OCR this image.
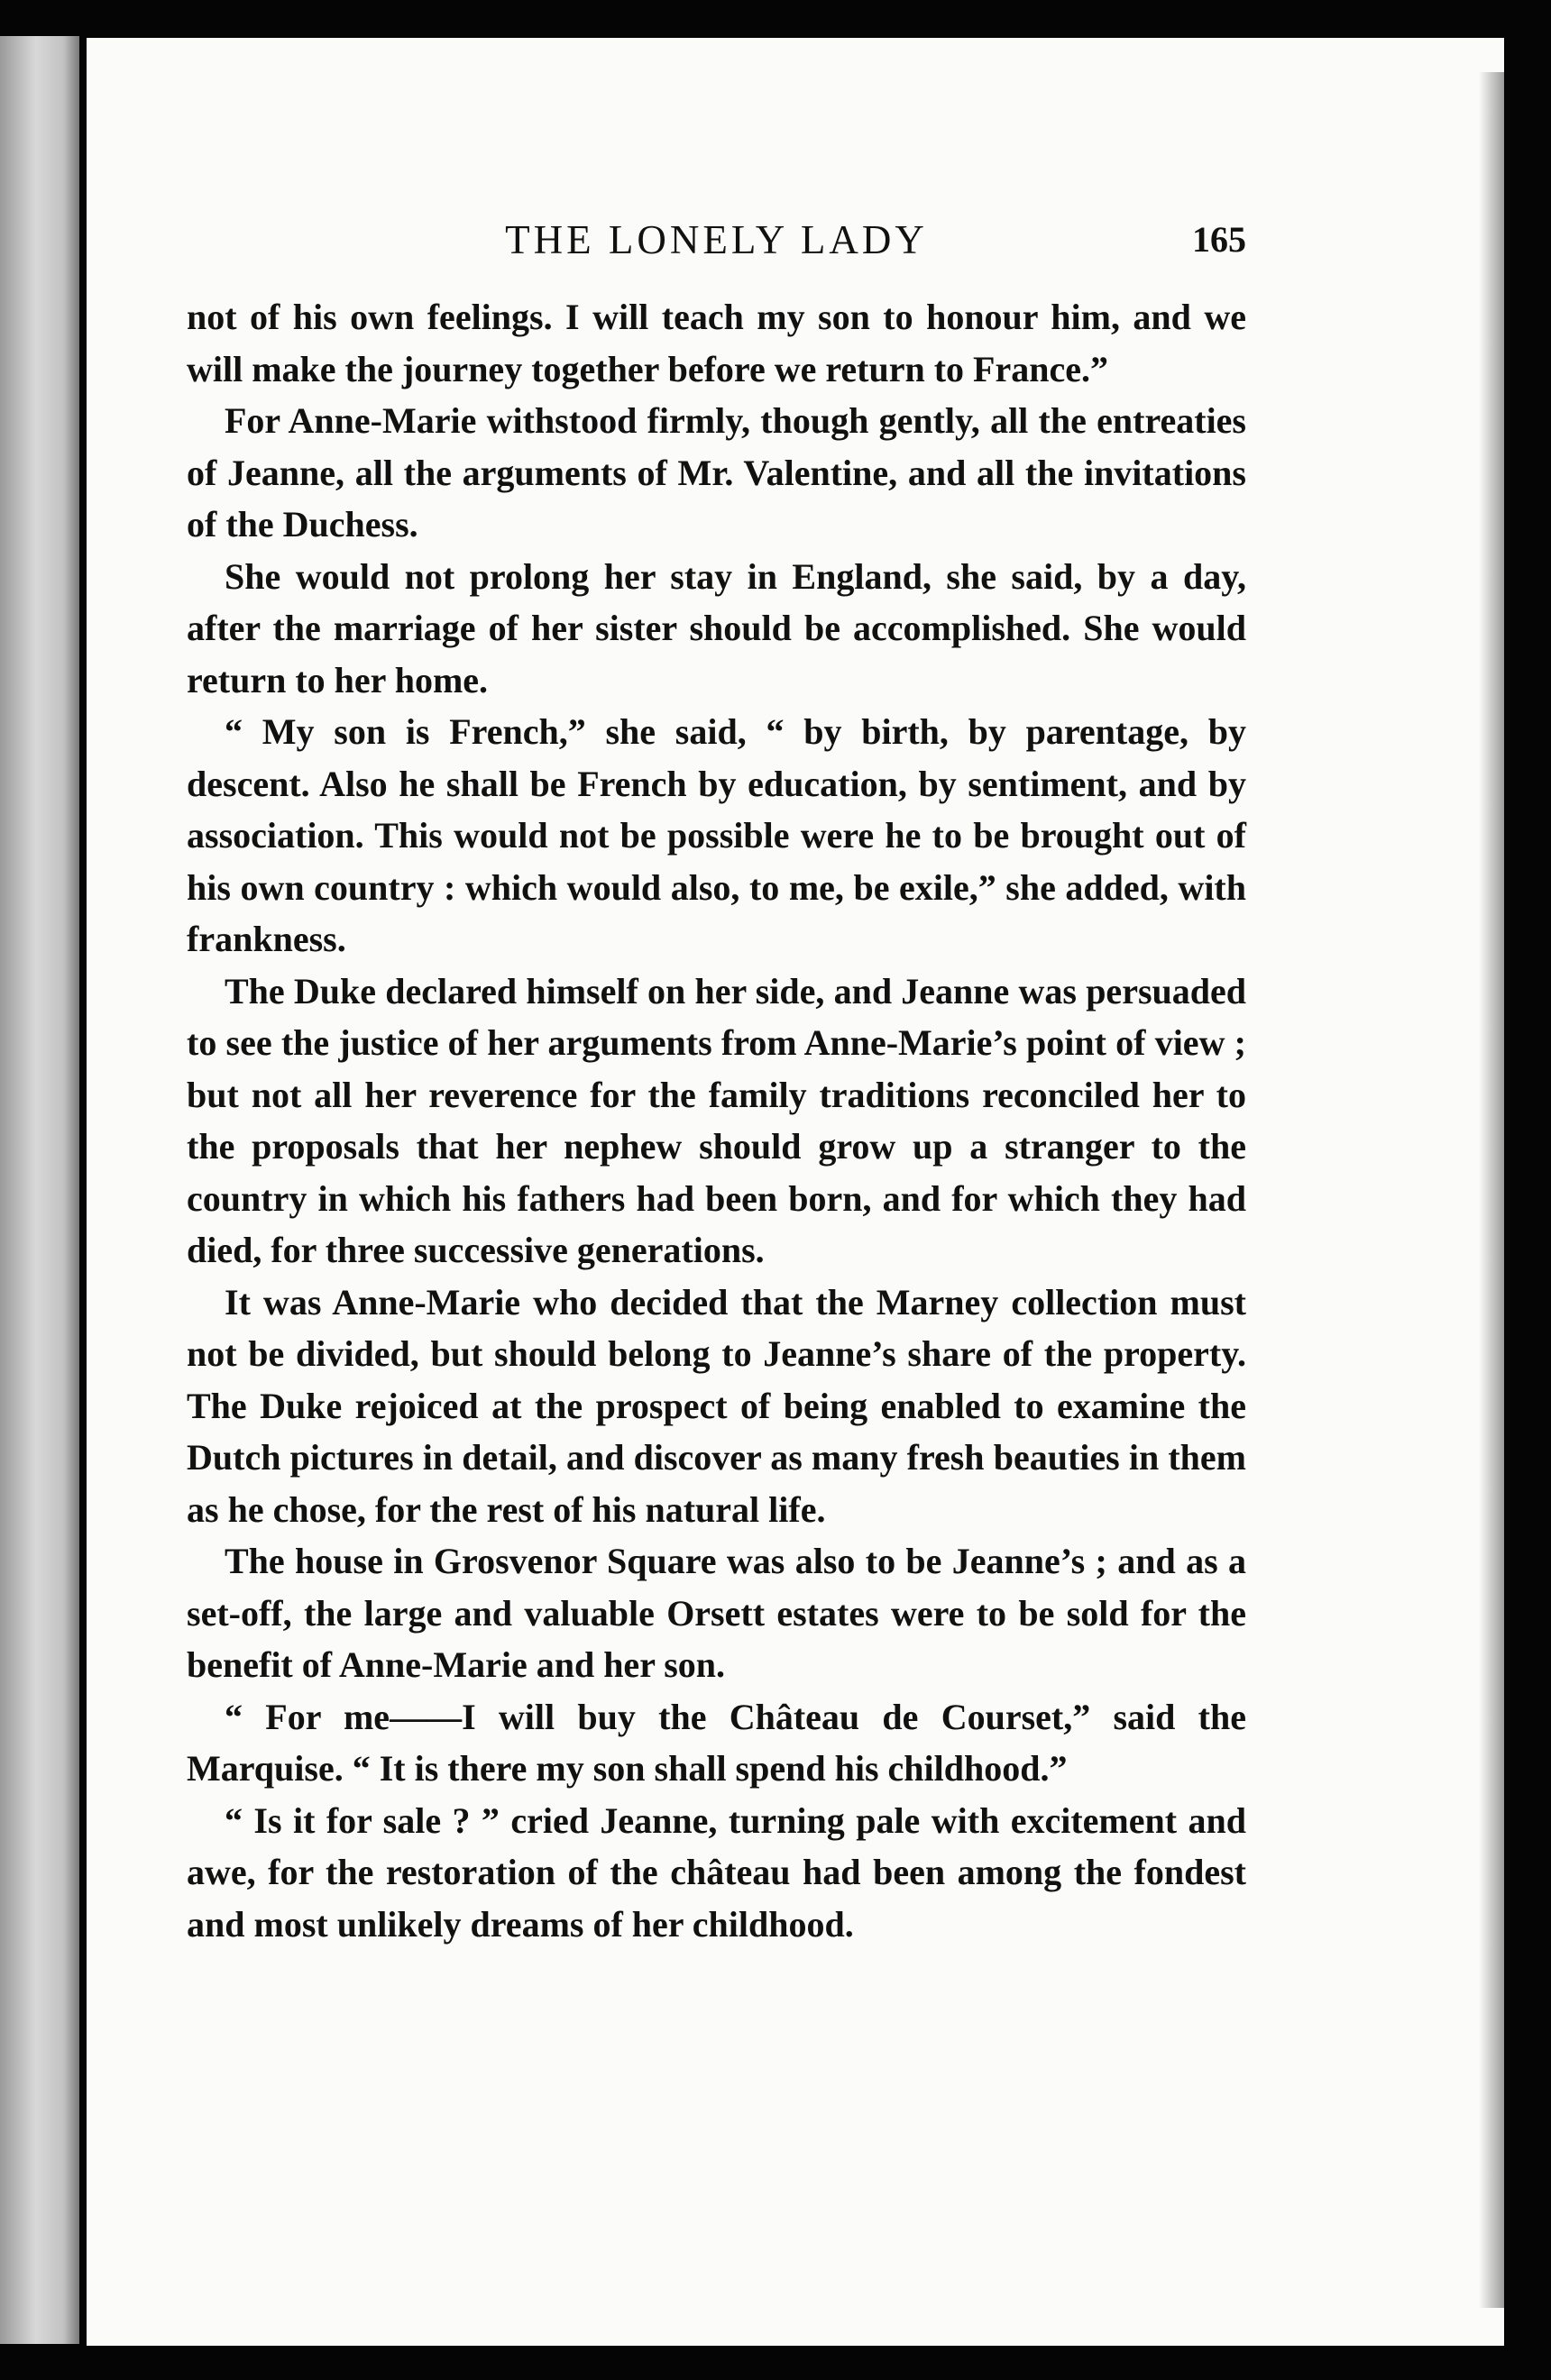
THE LONELY LADY	165

not of his own feelings. I will teach my son to honour him, and we will make the journey together before we return to France.”

For Anne-Marie withstood firmly, though gently, all the entreaties of Jeanne, all the arguments of Mr. Valentine, and all the invitations of the Duchess.

She would not prolong her stay in England, she said, by a day, after the marriage of her sister should be accomplished. She would return to her home.

“ My son is French,” she said, “ by birth, by parentage, by descent. Also he shall be French by education, by sentiment, and by association. This would not be possible were he to be brought out of his own country : which would also, to me, be exile,” she added, with frankness.

The Duke declared himself on her side, and Jeanne was persuaded to see the justice of her arguments from Anne-Marie’s point of view ; but not all her reverence for the family traditions reconciled her to the proposals that her nephew should grow up a stranger to the country in which his fathers had been born, and for which they had died, for three successive generations.

It was Anne-Marie who decided that the Marney collection must not be divided, but should belong to Jeanne’s share of the property. The Duke rejoiced at the prospect of being enabled to examine the Dutch pictures in detail, and discover as many fresh beauties in them as he chose, for the rest of his natural life.

The house in Grosvenor Square was also to be Jeanne’s ; and as a set-off, the large and valuable Orsett estates were to be sold for the benefit of Anne-Marie and her son.

“ For me——I will buy the Château de Courset,” said the Marquise. “ It is there my son shall spend his childhood.”

“ Is it for sale ? ” cried Jeanne, turning pale with excitement and awe, for the restoration of the château had been among the fondest and most unlikely dreams of her childhood.
